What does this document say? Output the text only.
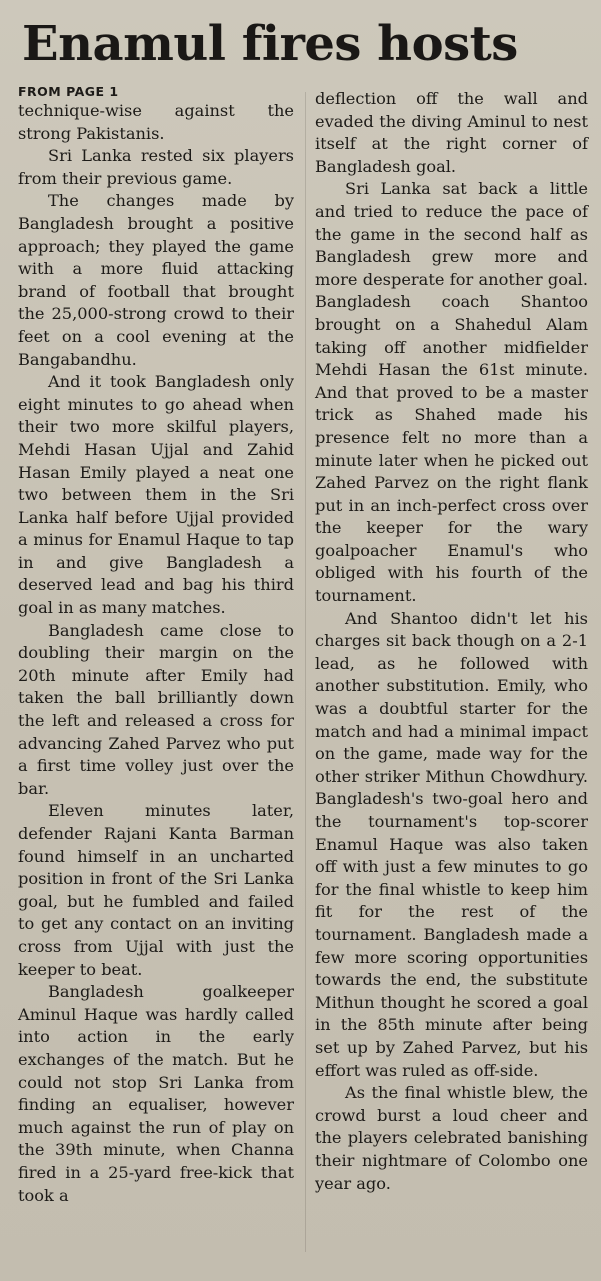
Enamul fires hosts
FROM PAGE 1

technique-wise against the strong Pakistanis.

Sri Lanka rested six players from their previous game.

The changes made by Bangladesh brought a positive approach; they played the game with a more fluid attacking brand of football that brought the 25,000-strong crowd to their feet on a cool evening at the Bangabandhu.

And it took Bangladesh only eight minutes to go ahead when their two more skilful players, Mehdi Hasan Ujjal and Zahid Hasan Emily played a neat one two between them in the Sri Lanka half before Ujjal provided a minus for Enamul Haque to tap in and give Bangladesh a deserved lead and bag his third goal in as many matches.

Bangladesh came close to doubling their margin on the 20th minute after Emily had taken the ball brilliantly down the left and released a cross for advancing Zahed Parvez who put a first time volley just over the bar.

Eleven minutes later, defender Rajani Kanta Barman found himself in an uncharted position in front of the Sri Lanka goal, but he fumbled and failed to get any contact on an inviting cross from Ujjal with just the keeper to beat.

Bangladesh goalkeeper Aminul Haque was hardly called into action in the early exchanges of the match. But he could not stop Sri Lanka from finding an equaliser, however much against the run of play on the 39th minute, when Channa fired in a 25-yard free-kick that took a

deflection off the wall and evaded the diving Aminul to nest itself at the right corner of Bangladesh goal.

Sri Lanka sat back a little and tried to reduce the pace of the game in the second half as Bangladesh grew more and more desperate for another goal. Bangladesh coach Shantoo brought on a Shahedul Alam taking off another midfielder Mehdi Hasan the 61st minute. And that proved to be a master trick as Shahed made his presence felt no more than a minute later when he picked out Zahed Parvez on the right flank put in an inch-perfect cross over the keeper for the wary goalpoacher Enamul's who obliged with his fourth of the tournament.

And Shantoo didn't let his charges sit back though on a 2-1 lead, as he followed with another substitution. Emily, who was a doubtful starter for the match and had a minimal impact on the game, made way for the other striker Mithun Chowdhury. Bangladesh's two-goal hero and the tournament's top-scorer Enamul Haque was also taken off with just a few minutes to go for the final whistle to keep him fit for the rest of the tournament. Bangladesh made a few more scoring opportunities towards the end, the substitute Mithun thought he scored a goal in the 85th minute after being set up by Zahed Parvez, but his effort was ruled as off-side.

As the final whistle blew, the crowd burst a loud cheer and the players celebrated banishing their nightmare of Colombo one year ago.
